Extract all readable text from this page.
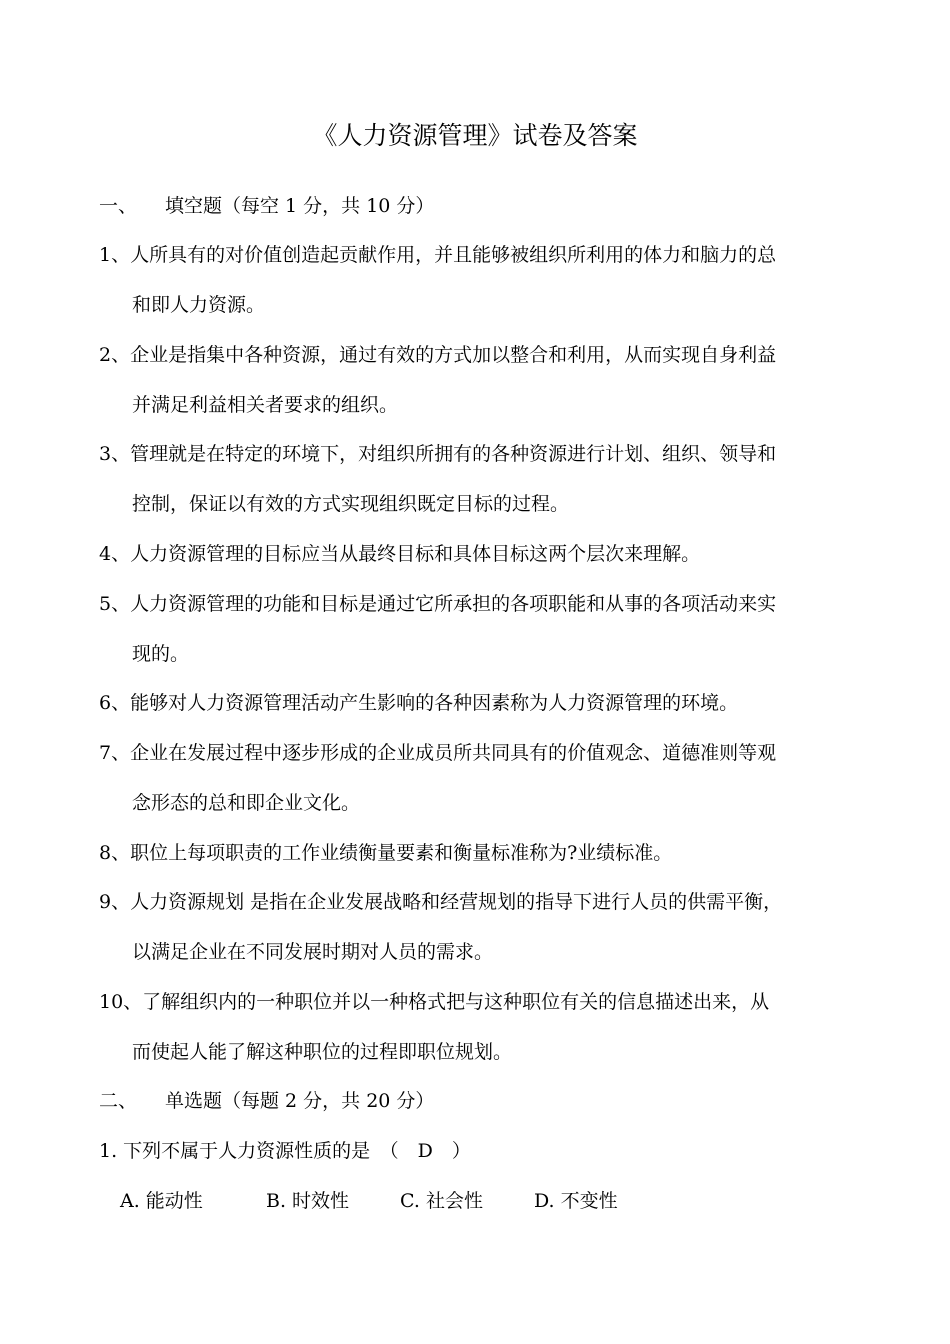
《人力资源管理》试卷及答案
一、 填空题（每空 1 分，共 10 分）
1、人所具有的对价值创造起贡献作用，并且能够被组织所利用的体力和脑力的总
和即人力资源。
2、企业是指集中各种资源，通过有效的方式加以整合和利用，从而实现自身利益
并满足利益相关者要求的组织。
3、管理就是在特定的环境下，对组织所拥有的各种资源进行计划、组织、领导和
控制，保证以有效的方式实现组织既定目标的过程。
4、人力资源管理的目标应当从最终目标和具体目标这两个层次来理解。
5、人力资源管理的功能和目标是通过它所承担的各项职能和从事的各项活动来实
现的。
6、能够对人力资源管理活动产生影响的各种因素称为人力资源管理的环境。
7、企业在发展过程中逐步形成的企业成员所共同具有的价值观念、道德准则等观
念形态的总和即企业文化。
8、职位上每项职责的工作业绩衡量要素和衡量标准称为?业绩标准。
9、人力资源规划 是指在企业发展战略和经营规划的指导下进行人员的供需平衡，
以满足企业在不同发展时期对人员的需求。
10、了解组织内的一种职位并以一种格式把与这种职位有关的信息描述出来，从
而使起人能了解这种职位的过程即职位规划。
二、 单选题（每题 2 分，共 20 分）
1. 下列不属于人力资源性质的是　（　D　）
A. 能动性	B. 时效性	C. 社会性	D. 不变性
